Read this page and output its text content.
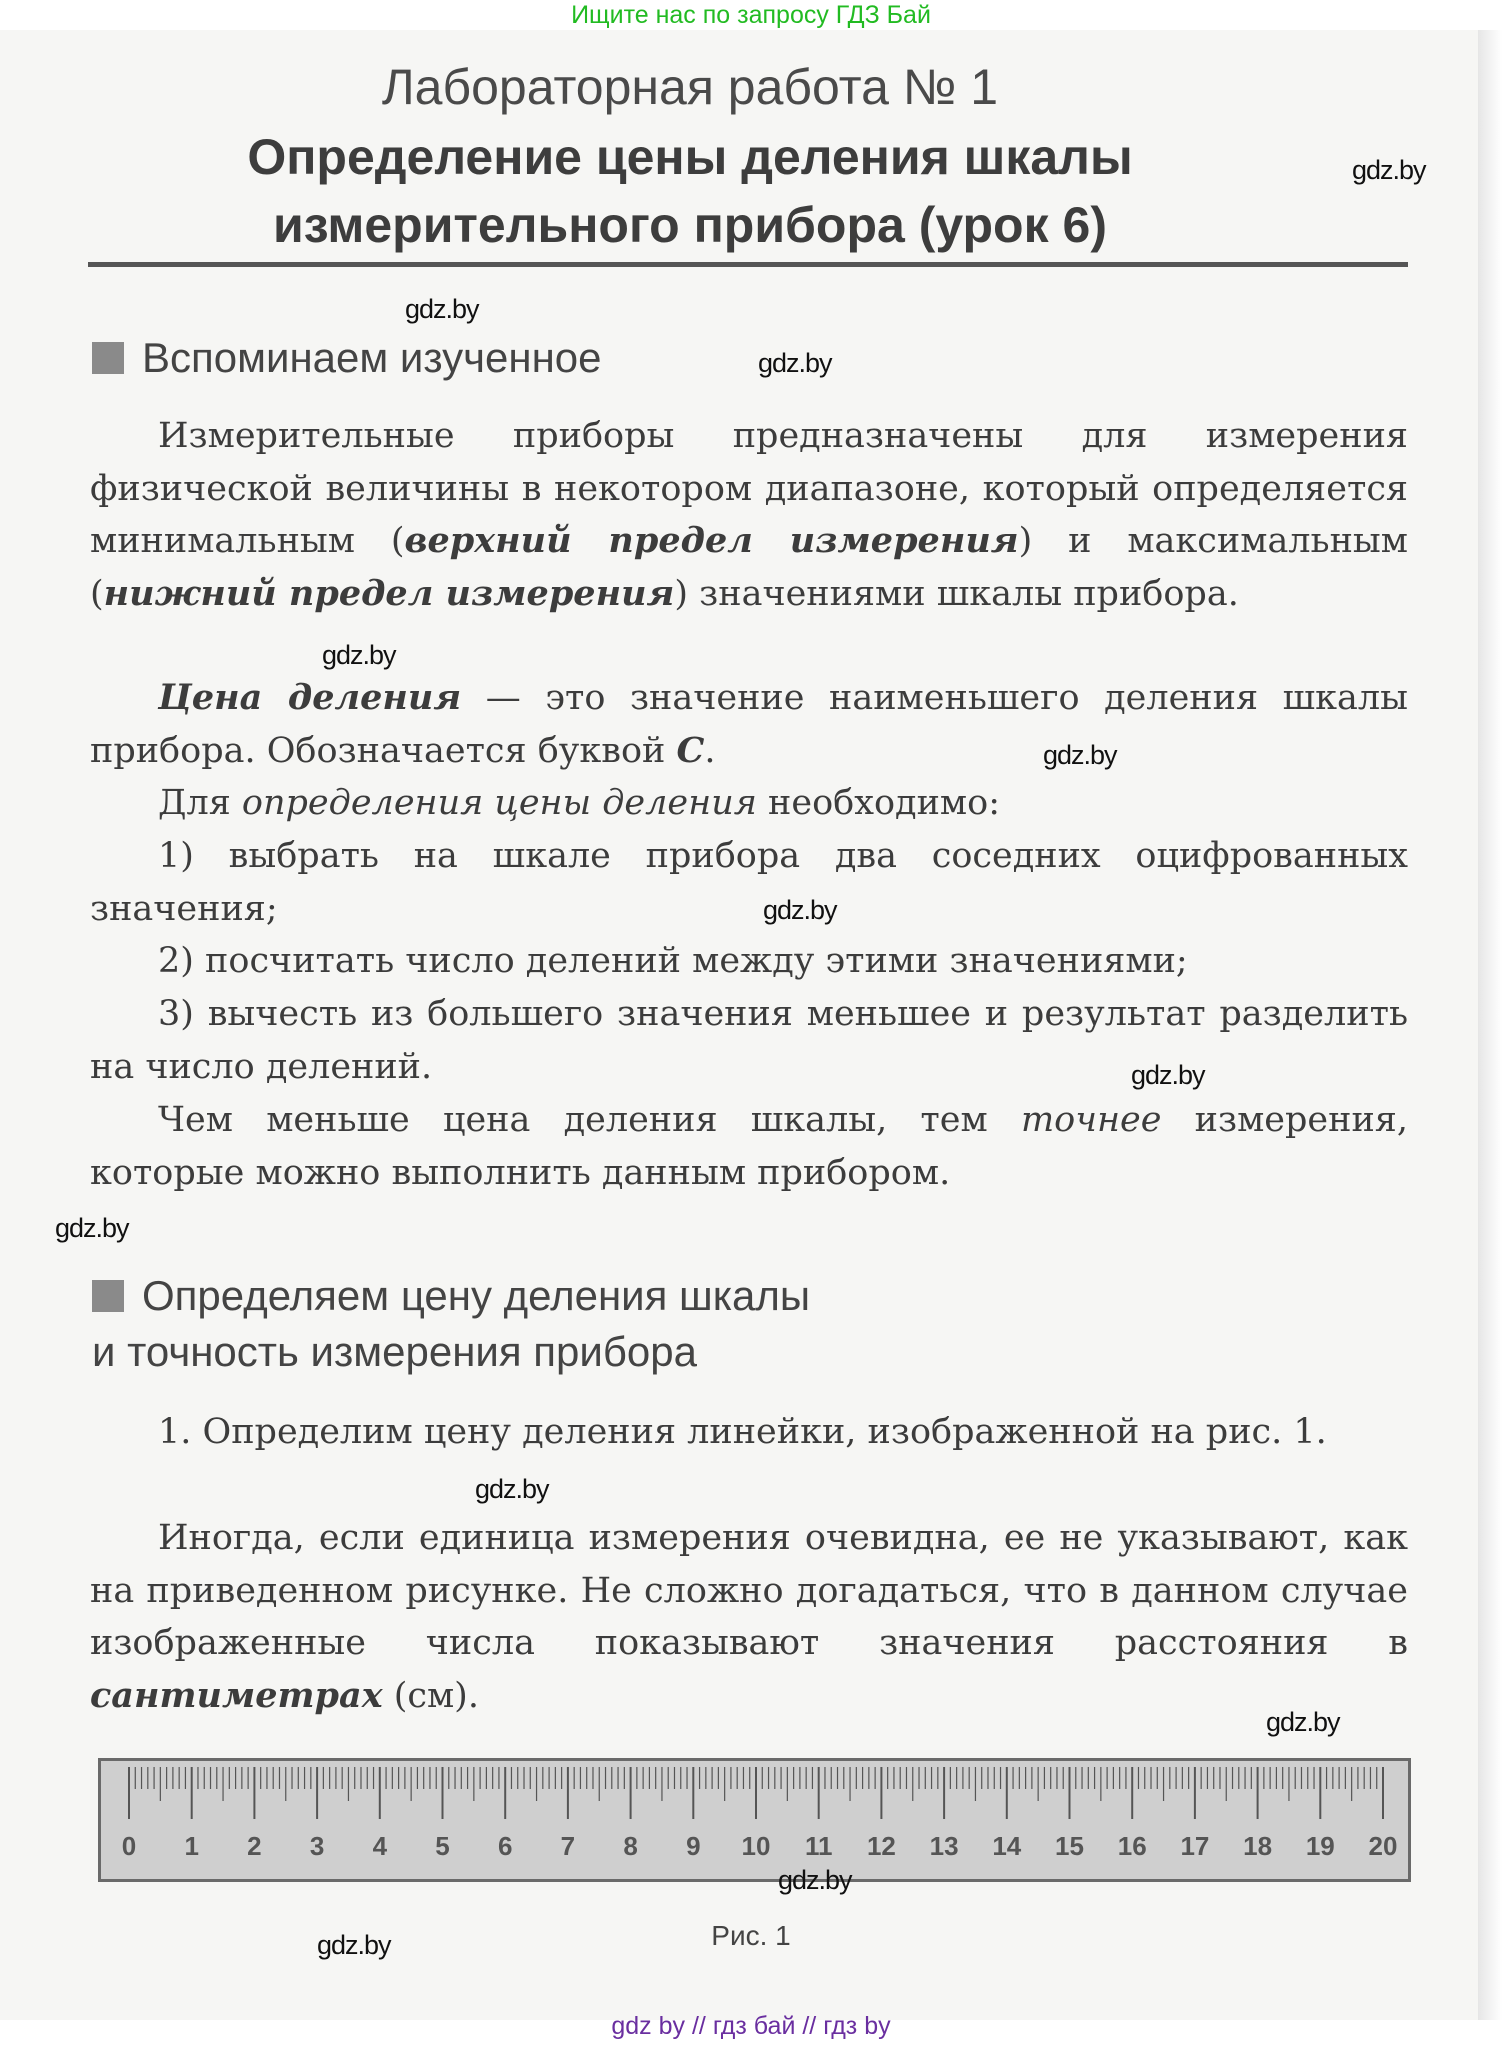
Ищите нас по запросу ГДЗ Бай
Лабораторная работа № 1
Определение цены деления шкалы
измерительного прибора (урок 6)
Вспоминаем изученное
Измерительные приборы предназначены для измерения физической величины в некотором диапазоне, который определяется минимальным (верхний предел измерения) и максимальным (нижний предел измерения) значениями шкалы прибора.
Цена деления — это значение наименьшего деления шкалы прибора. Обозначается буквой С.
Для определения цены деления необходимо:
1) выбрать на шкале прибора два соседних оцифрованных значения;
2) посчитать число делений между этими значениями;
3) вычесть из большего значения меньшее и результат разделить на число делений.
Чем меньше цена деления шкалы, тем точнее измерения, которые можно выполнить данным прибором.
Определяем цену деления шкалы
и точность измерения прибора
1. Определим цену деления линейки, изображенной на рис. 1.
Иногда, если единица измерения очевидна, ее не указывают, как на приведенном рисунке. Не сложно догадаться, что в данном случае изображенные числа показывают значения расстояния в сантиметрах (см).
0 1 2 3 4 5 6 7 8 9 10 11 12 13 14 15 16 17 18 19 20
Рис. 1
gdz.by
gdz.by
gdz.by
gdz.by
gdz.by
gdz.by
gdz.by
gdz.by
gdz.by
gdz.by
gdz.by
gdz.by
gdz by // гдз бай // гдз by
